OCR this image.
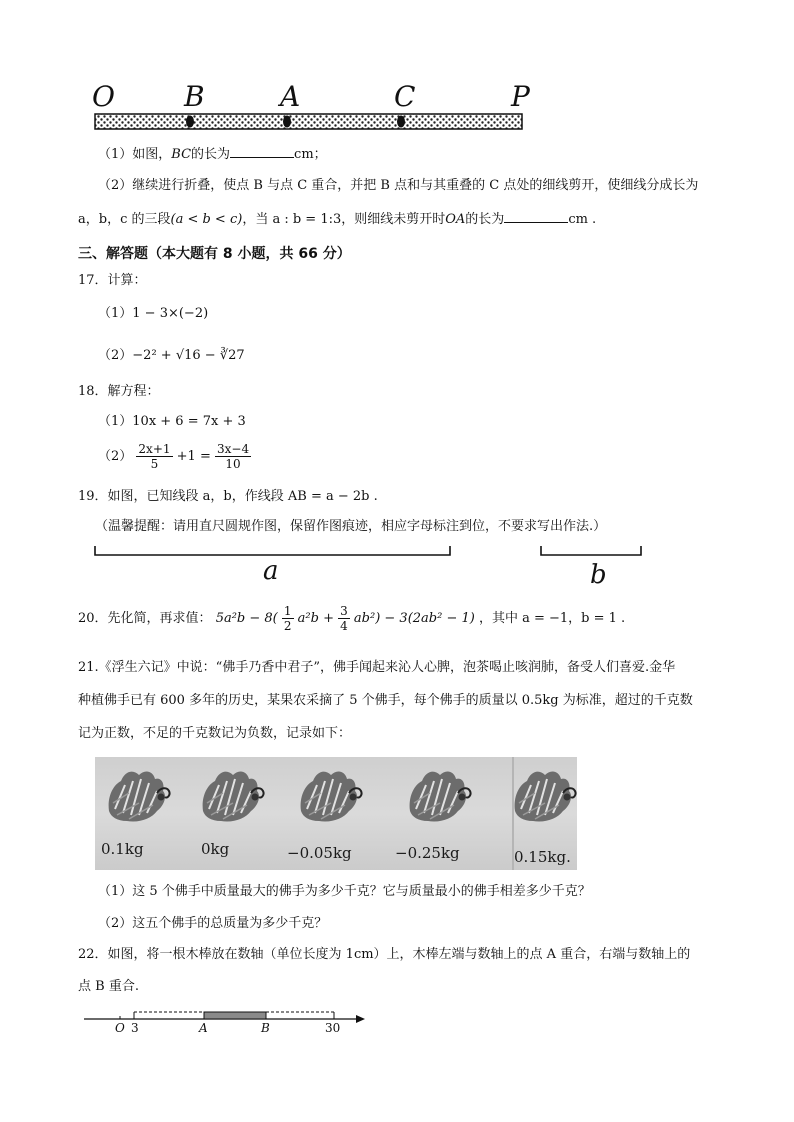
O B	A	C	P
（1）如图，BC的长为	cm；
（2）继续进行折叠，使点 B 与点 C 重合，并把 B 点和与其重叠的 C 点处的细线剪开，使细线分成长为
a，b，c 的三段(a < b < c)，当 a : b = 1:3，则细线未剪开时OA的长为	cm .
三、解答题（本大题有 8 小题，共 66 分）
17．计算：
（1）1 − 3×(−2)
（2）−2² + √16 − ∛27
18．解方程：
（1）10x + 6 = 7x + 3
$(2) \frac{2x+1}{5} +1 = \frac{3x-4}{10}$
19．如图，已知线段 a，b，作线段 AB = a − 2b .
（温馨提醒：请用直尺圆规作图，保留作图痕迹，相应字母标注到位，不要求写出作法.）
a	b
20．先化简，再求值： $5a^2b - 8( \frac{1}{2} a^2b + \frac{3}{4} ab^2) - 3(2ab^2 - 1)$ ，其中 a = −1，b = 1 .
21.《浮生六记》中说：“佛手乃香中君子”，佛手闻起来沁人心脾，泡茶喝止咳润肺，备受人们喜爱.金华
种植佛手已有 600 多年的历史，某果农采摘了 5 个佛手，每个佛手的质量以 0.5kg 为标准，超过的千克数
记为正数，不足的千克数记为负数，记录如下：
0.1kg	0kg	−0.05kg	−0.25kg	0.15kg.
（1）这 5 个佛手中质量最大的佛手为多少千克？它与质量最小的佛手相差多少千克？
（2）这五个佛手的总质量为多少千克？
22．如图，将一根木棒放在数轴（单位长度为 1cm）上，木棒左端与数轴上的点 A 重合，右端与数轴上的
点 B 重合.
O 3	A	B	30
